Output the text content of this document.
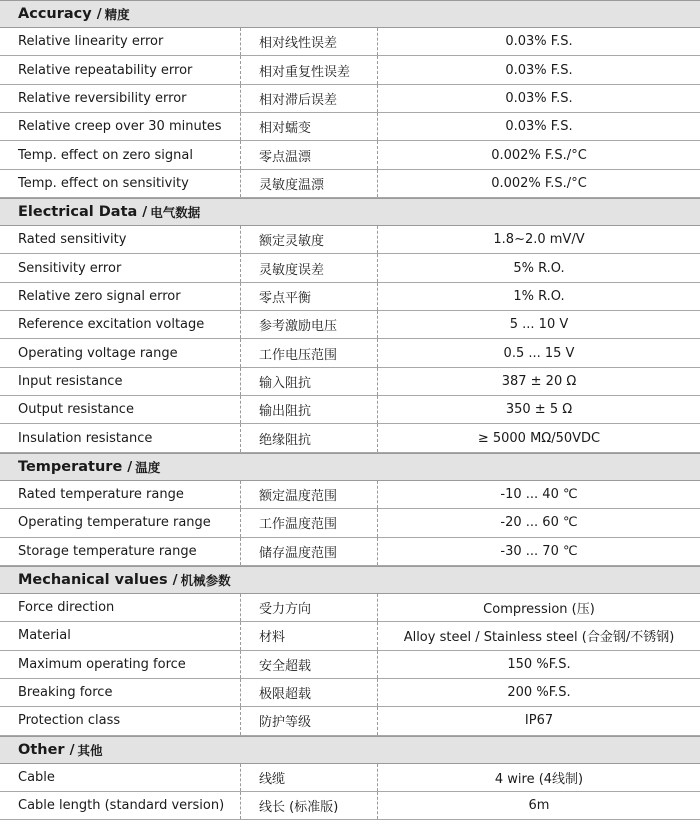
Accuracy / 精度
Relative linearity error	相对线性误差	0.03% F.S.
Relative repeatability error	相对重复性误差	0.03% F.S.
Relative reversibility error	相对滞后误差	0.03% F.S.
Relative creep over 30 minutes	相对蠕变	0.03% F.S.
Temp. effect on zero signal	零点温漂	0.002% F.S./°C
Temp. effect on sensitivity	灵敏度温漂	0.002% F.S./°C
Electrical Data / 电气数据
Rated sensitivity	额定灵敏度	1.8~2.0 mV/V
Sensitivity error	灵敏度误差	5% R.O.
Relative zero signal error	零点平衡	1% R.O.
Reference excitation voltage	参考激励电压	5 ... 10 V
Operating voltage range	工作电压范围	0.5 ... 15 V
Input resistance	输入阻抗	387 ± 20 Ω
Output resistance	输出阻抗	350 ± 5 Ω
Insulation resistance	绝缘阻抗	≥ 5000 MΩ/50VDC
Temperature / 温度
Rated temperature range	额定温度范围	-10 ... 40 ℃
Operating temperature range	工作温度范围	-20 ... 60 ℃
Storage temperature range	储存温度范围	-30 ... 70 ℃
Mechanical values / 机械参数
Force direction	受力方向	Compression (压)
Material	材料	Alloy steel / Stainless steel (合金钢/不锈钢)
Maximum operating force	安全超载	150 %F.S.
Breaking force	极限超载	200 %F.S.
Protection class	防护等级	IP67
Other / 其他
Cable	线缆	4 wire (4线制)
Cable length (standard version)	线长 (标准版)	6m
